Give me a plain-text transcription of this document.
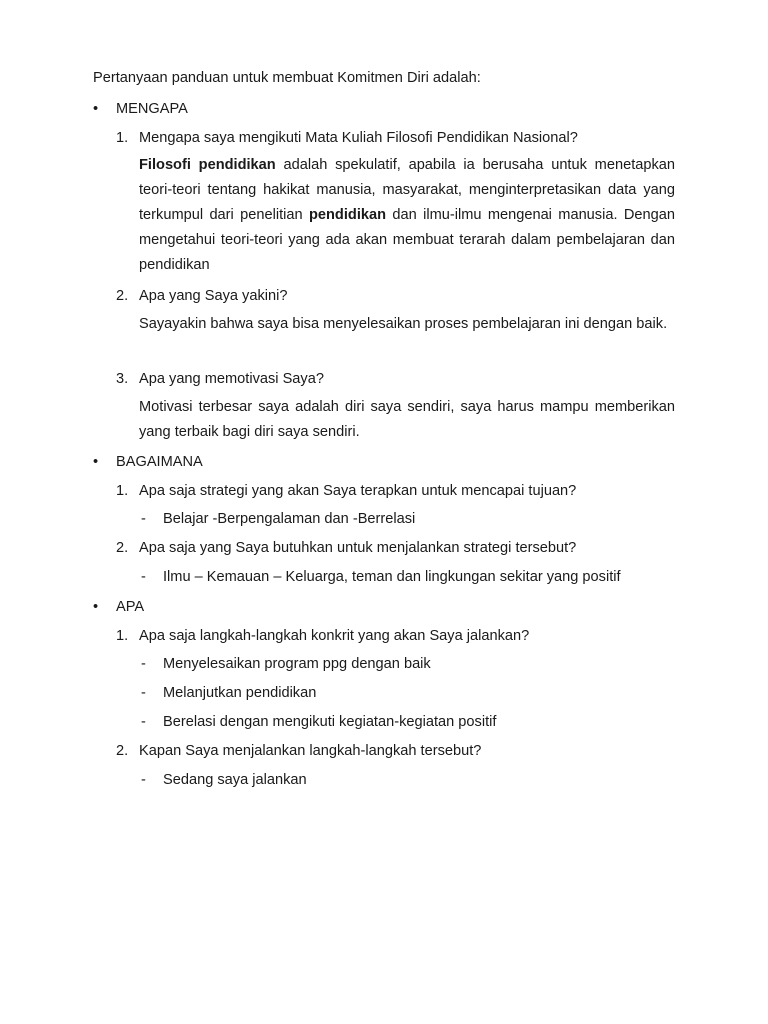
Pertanyaan panduan untuk membuat Komitmen Diri adalah:
•
MENGAPA
1. Mengapa saya mengikuti Mata Kuliah Filosofi Pendidikan Nasional?
Filosofi pendidikan adalah spekulatif, apabila ia berusaha untuk menetapkan teori-teori tentang hakikat manusia, masyarakat, menginterpretasikan data yang terkumpul dari penelitian pendidikan dan ilmu-ilmu mengenai manusia. Dengan mengetahui teori-teori yang ada akan membuat terarah dalam pembelajaran dan pendidikan
2. Apa yang Saya yakini?
Sayayakin bahwa saya bisa menyelesaikan proses pembelajaran ini dengan baik.
3. Apa yang memotivasi Saya?
Motivasi terbesar saya adalah diri saya sendiri, saya harus mampu memberikan yang terbaik bagi diri saya sendiri.
•
BAGAIMANA
1. Apa saja strategi yang akan Saya terapkan untuk mencapai tujuan?
- Belajar -Berpengalaman dan -Berrelasi
2. Apa saja yang Saya butuhkan untuk menjalankan strategi tersebut?
- Ilmu – Kemauan – Keluarga, teman dan lingkungan sekitar yang positif
•
APA
1. Apa saja langkah-langkah konkrit yang akan Saya jalankan?
- Menyelesaikan program ppg dengan baik
- Melanjutkan pendidikan
- Berelasi dengan mengikuti kegiatan-kegiatan positif
2. Kapan Saya menjalankan langkah-langkah tersebut?
- Sedang saya jalankan
